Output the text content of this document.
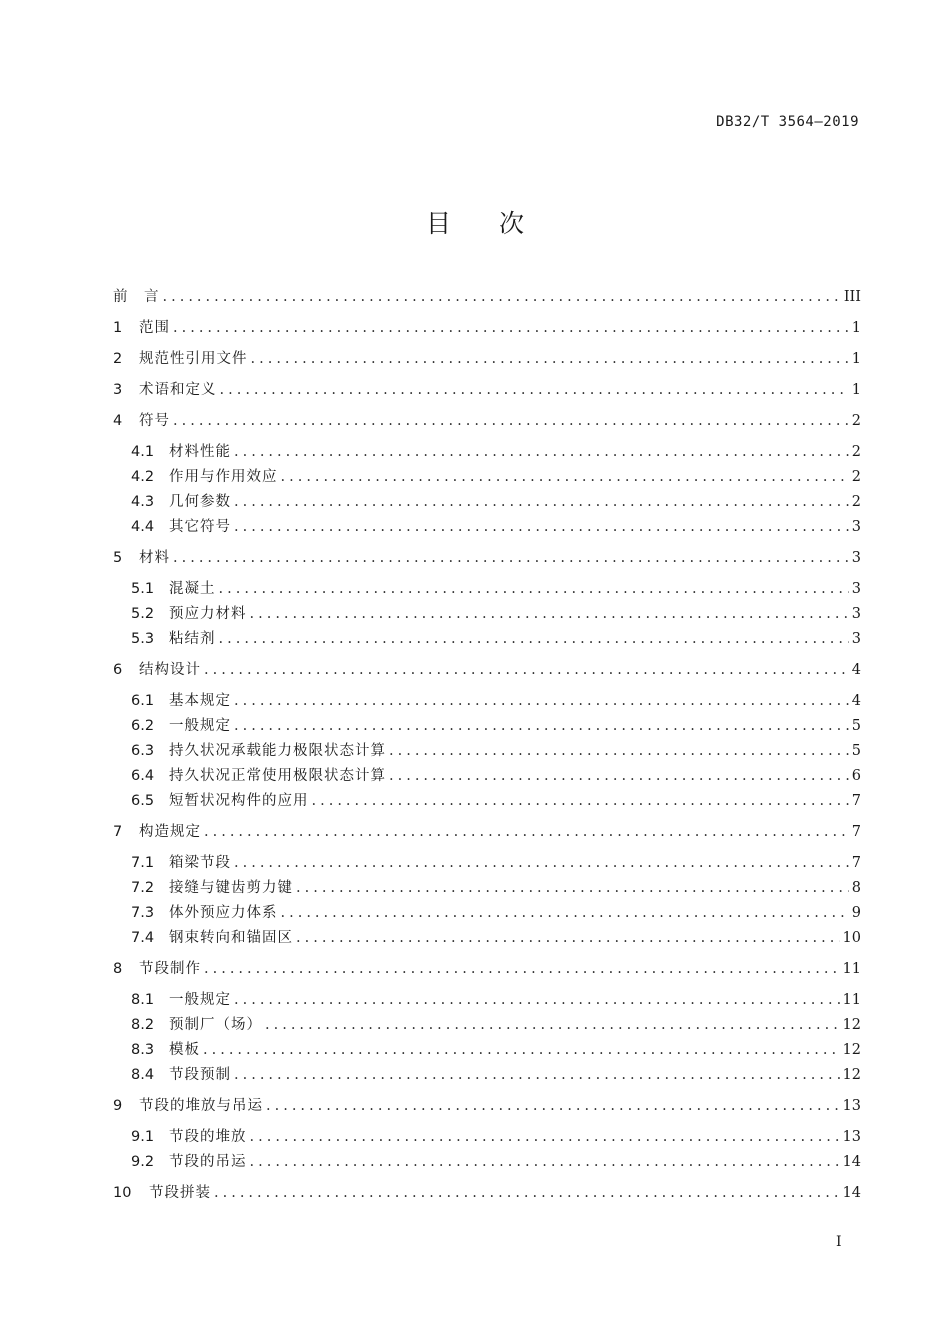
DB32/T 3564—2019
目次
前　言 .....	III
1	范围 .....	1
2	规范性引用文件 .....	1
3	术语和定义 .....	1
4	符号 .....	2
4.1	材料性能 .....	2
4.2	作用与作用效应 .....	2
4.3	几何参数 .....	2
4.4	其它符号 .....	3
5	材料 .....	3
5.1	混凝土 .....	3
5.2	预应力材料 .....	3
5.3	粘结剂 .....	3
6	结构设计 .....	4
6.1	基本规定 .....	4
6.2	一般规定 .....	5
6.3	持久状况承载能力极限状态计算 .....	5
6.4	持久状况正常使用极限状态计算 .....	6
6.5	短暂状况构件的应用 .....	7
7	构造规定 .....	7
7.1	箱梁节段 .....	7
7.2	接缝与键齿剪力键 .....	8
7.3	体外预应力体系 .....	9
7.4	钢束转向和锚固区 .....	10
8	节段制作 .....	11
8.1	一般规定 .....	11
8.2	预制厂（场） .....	12
8.3	模板 .....	12
8.4	节段预制 .....	12
9	节段的堆放与吊运 .....	13
9.1	节段的堆放 .....	13
9.2	节段的吊运 .....	14
10	节段拼装 .....	14
I
